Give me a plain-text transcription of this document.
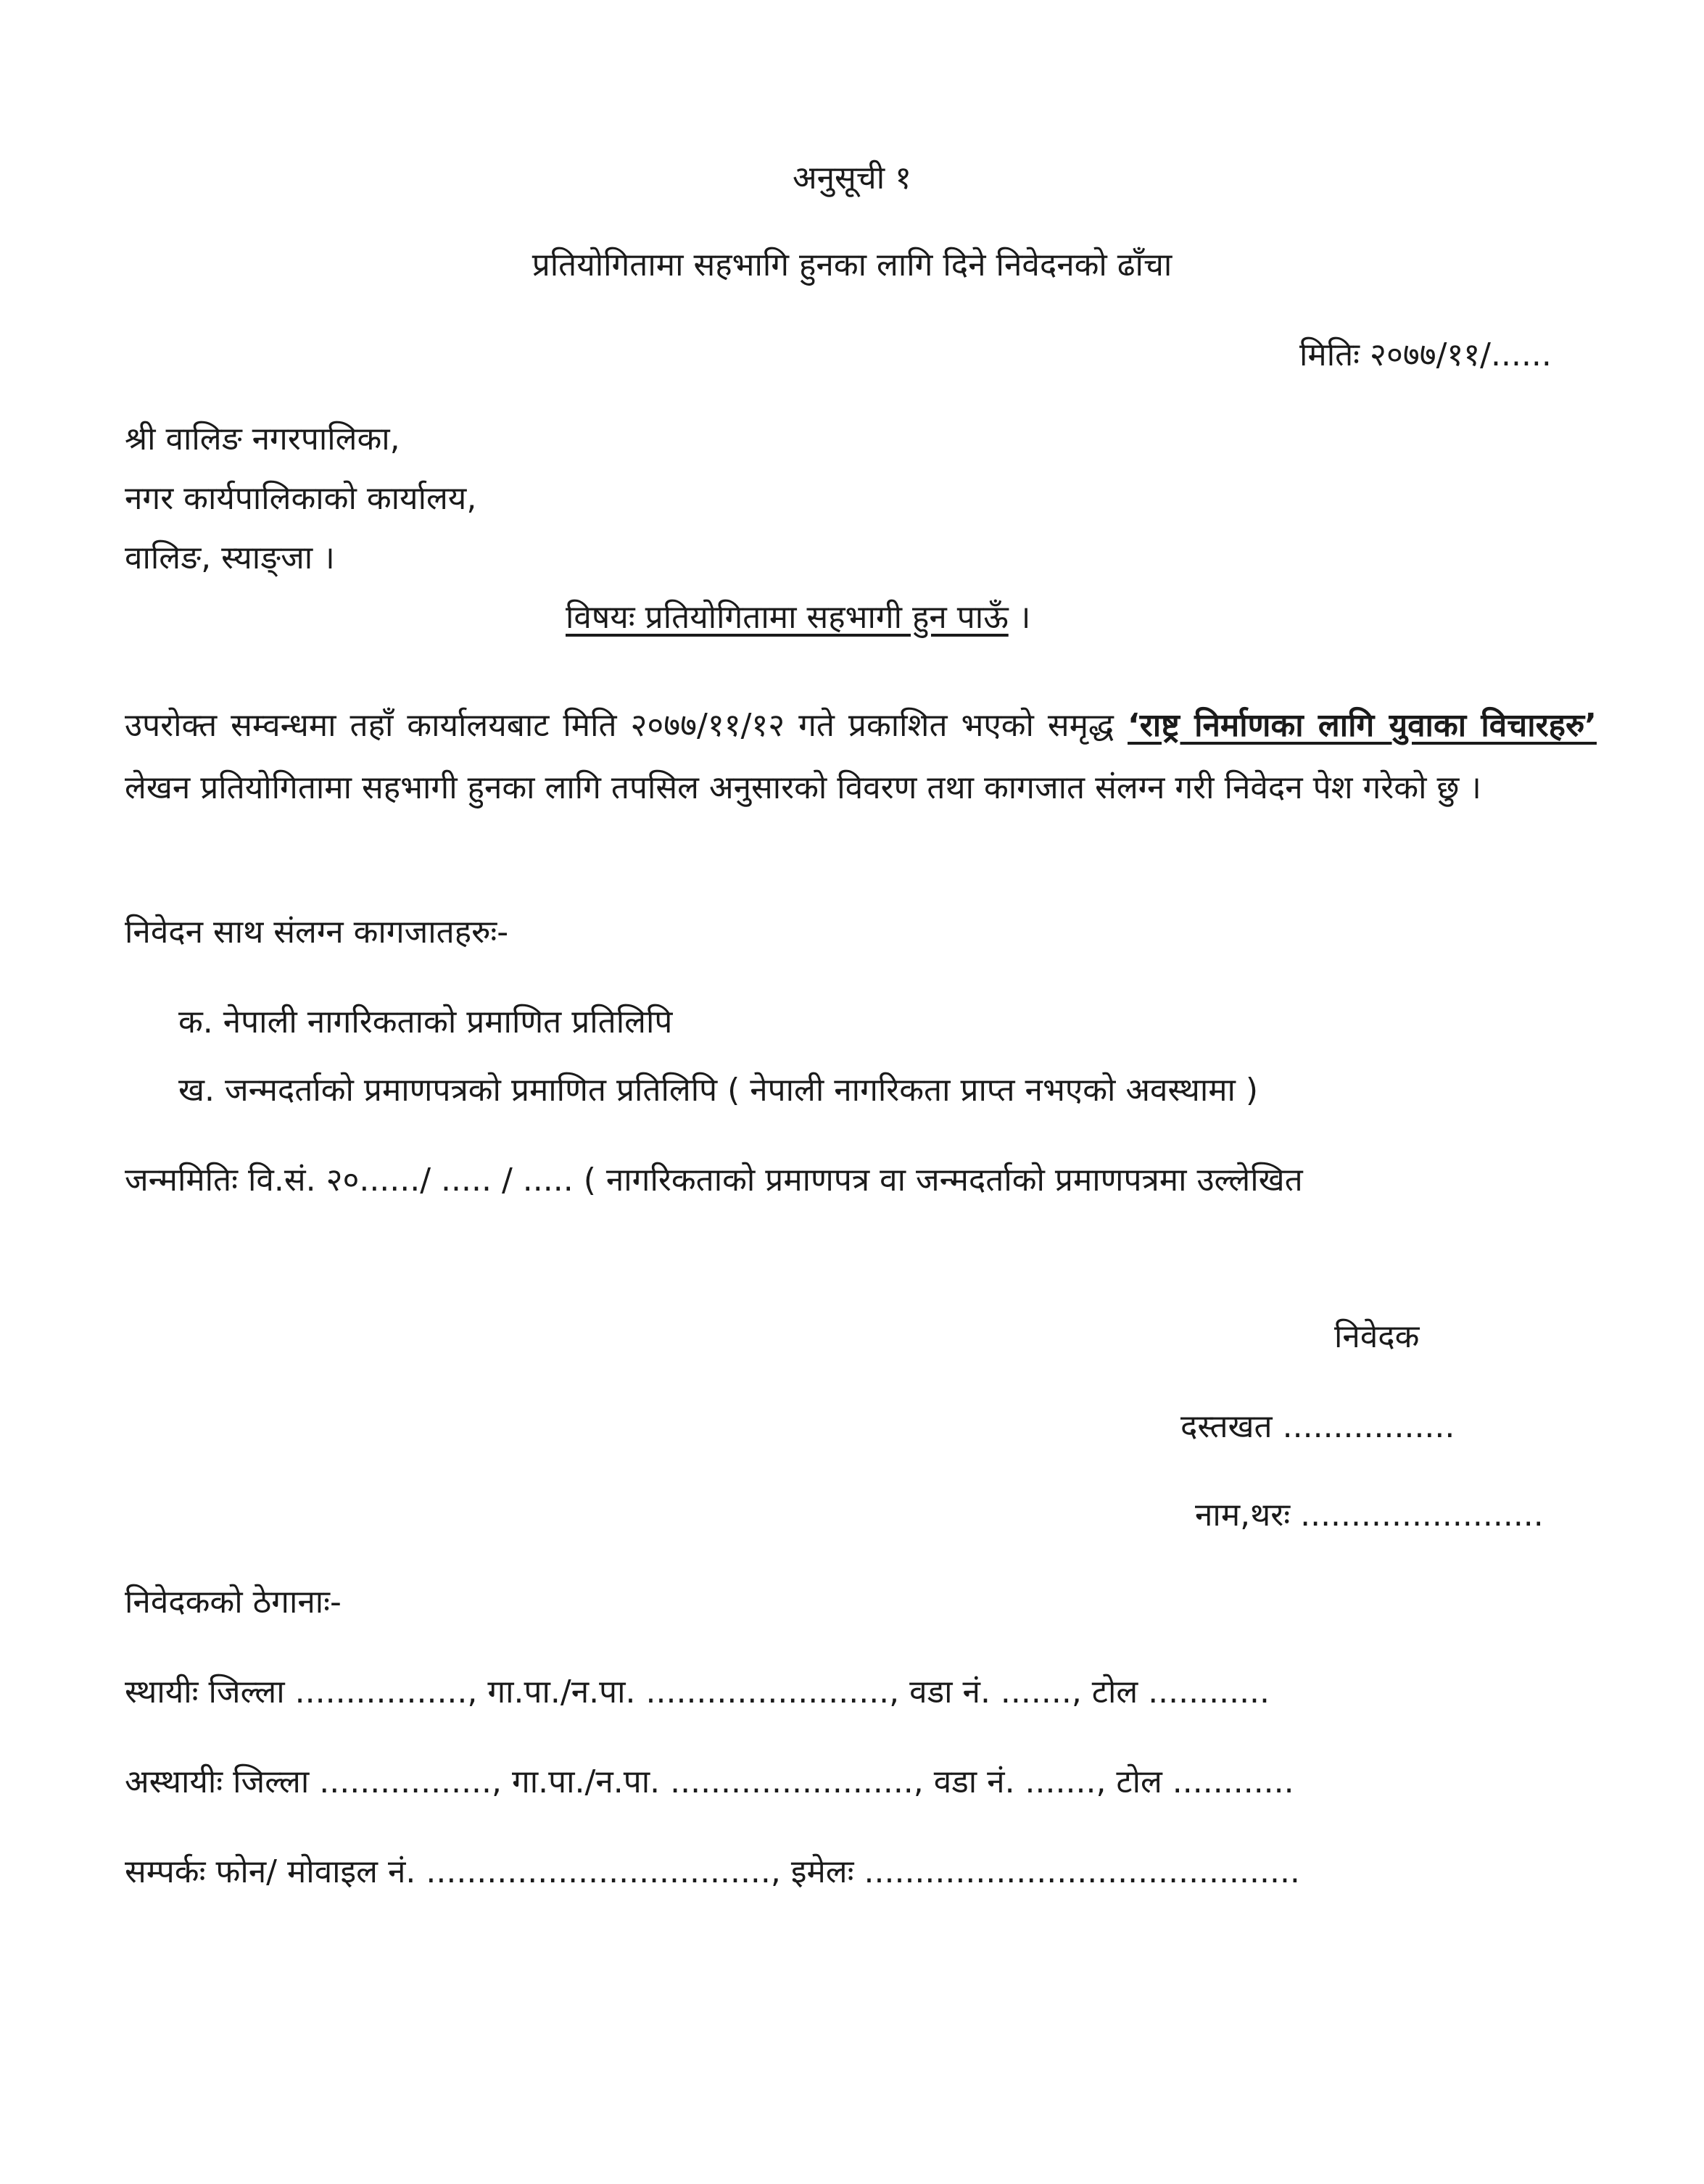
अनुसूची १
प्रतियोगितामा सहभागि हुनका लागि दिने निवेदनको ढाँचा
मितिः २०७७/११/......
श्री वालिङ नगरपालिका,
नगर कार्यपालिकाको कार्यालय,
वालिङ, स्याङ्जा ।
विषयः प्रतियोगितामा सहभागी हुन पाऊँ ।
उपरोक्त सम्वन्धमा तहाँ कार्यालयबाट मिति २०७७/११/१२ गते प्रकाशित भएको समृद्ध ‘राष्ट्र निर्माणका लागि युवाका विचारहरु’ लेखन प्रतियोगितामा सहभागी हुनका लागि तपसिल अनुसारको विवरण तथा कागजात संलग्न गरी निवेदन पेश गरेको छु ।
निवेदन साथ संलग्न कागजातहरुः-
क. नेपाली नागरिकताको प्रमाणित प्रतिलिपि
ख. जन्मदर्ताको प्रमाणपत्रको प्रमाणित प्रतिलिपि ( नेपाली नागरिकता प्राप्त नभएको अवस्थामा )
जन्ममितिः वि.सं. २०....../ ..... / ..... ( नागरिकताको प्रमाणपत्र वा जन्मदर्ताको प्रमाणपत्रमा उल्लेखित
निवेदक
दस्तखत .................
नाम,थरः ........................
निवेदकको ठेगानाः-
स्थायीः जिल्ला ................., गा.पा./न.पा. ........................, वडा नं. ......., टोल ............
अस्थायीः जिल्ला ................., गा.पा./न.पा. ........................, वडा नं. ......., टोल ............
सम्पर्कः फोन/ मोवाइल नं. .................................., इमेलः ...........................................
